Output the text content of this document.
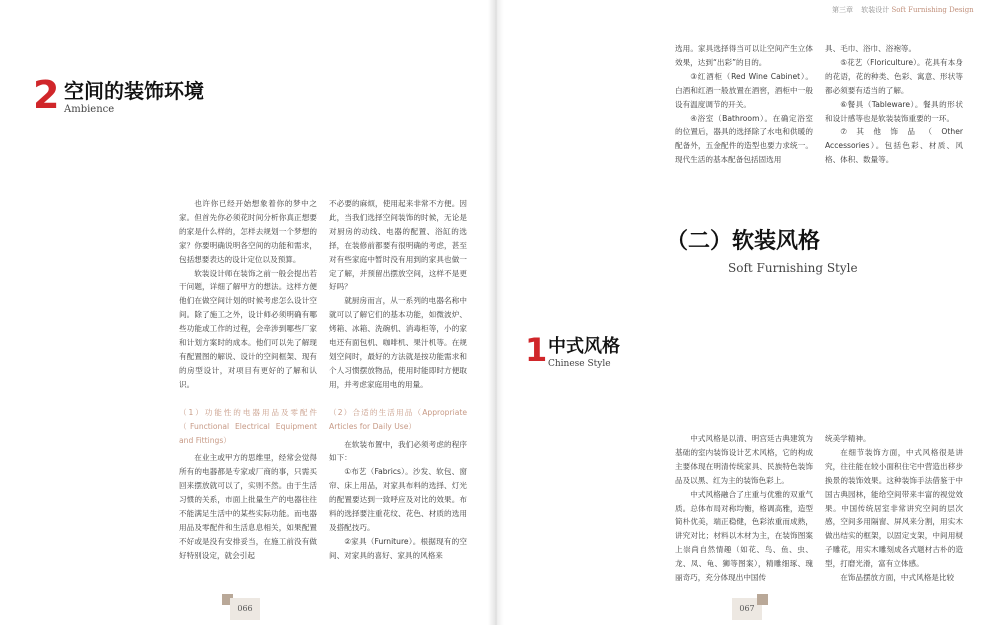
2 空间的装饰环境
Ambience

也许你已经开始想象着你的梦中之家。但首先你必须花时间分析你真正想要的家是什么样的，怎样去规划一个梦想的家？你要明确说明各空间的功能和需求，包括想要表达的设计定位以及预算。

软装设计师在装饰之前一般会提出若干问题，详细了解甲方的想法。这样方便他们在做空间计划的时候考虑怎么设计空间。除了施工之外，设计师必须明确有哪些功能或工作的过程，会牵涉到哪些厂家和计划方案时的成本。他们可以先了解现有配置图的解说、设计的空间框架、现有的房型设计，对项目有更好的了解和认识。

（1）功能性的电器用品及零配件（Functional Electrical Equipment and Fittings）

在业主或甲方的思维里，经常会觉得所有的电器都是专家或厂商的事，只需买回来摆放就可以了，实则不然。由于生活习惯的关系，市面上批量生产的电器往往不能满足生活中的某些实际功能。而电器用品及零配件和生活息息相关，如果配置不好或是没有安排妥当，在施工前没有做好特别设定，就会引起

不必要的麻烦，使用起来非常不方便。因此，当我们选择空间装饰的时候，无论是对厨房的动线、电器的配置、浴缸的选择，在装修前都要有很明确的考虑，甚至对有些家庭中暂时没有用到的家具也做一定了解，并预留出摆放空间，这样不是更好吗？

就厨房而言，从一系列的电器名称中就可以了解它们的基本功能，如微波炉、烤箱、冰箱、洗碗机、消毒柜等，小的家电还有面包机、咖啡机、果汁机等。在规划空间时，最好的方法就是按功能需求和个人习惯摆放物品，使用时能即时方便取用，并考虑家庭用电的用量。

（2）合适的生活用品（Appropriate Articles for Daily Use）

在软装布置中，我们必须考虑的程序如下：

①布艺（Fabrics）。沙发、软包、窗帘、床上用品，对家具布料的选择、灯光的配置要达到一致呼应及对比的效果。布料的选择要注重花纹、花色、材质的选用及搭配技巧。

②家具（Furniture）。根据现有的空间、对家具的喜好、家具的风格来

066
第三章 软装设计 Soft Furnishing Design

选用。家具选择得当可以让空间产生立体效果，达到“出彩”的目的。

③红酒柜（Red Wine Cabinet）。白酒和红酒一般放置在酒窖，酒柜中一般设有温度调节的开关。

④浴室（Bathroom）。在确定浴室的位置后，器具的选择除了水电和供暖的配备外，五金配件的造型也要力求统一。现代生活的基本配备包括固选用

具、毛巾、浴巾、浴袍等。

⑤花艺（Floriculture）。花具有本身的花语，花的种类、色彩、寓意、形状等都必须要有适当的了解。

⑥餐具（Tableware）。餐具的形状和设计感等也是软装装饰重要的一环。

⑦其他饰品（Other Accessories）。包括色彩、材质、风格、体积、数量等。

（二）软装风格
Soft Furnishing Style
1 中式风格
Chinese Style

中式风格是以清、明宫廷古典建筑为基础的室内装饰设计艺术风格，它的构成主要体现在明清传统家具、民族特色装饰品及以黑、红为主的装饰色彩上。

中式风格融合了庄重与优雅的双重气质。总体布局对称均衡，格调高雅，造型简朴优美，端正稳健，色彩浓重而成熟，讲究对比；材料以木材为主，在装饰图案上崇尚自然情趣（如花、鸟、鱼、虫、龙、凤、龟、狮等图案），精雕细琢、瑰丽奇巧，充分体现出中国传

统美学精神。

在细节装饰方面，中式风格很是讲究，往往能在较小面积住宅中营造出移步换景的装饰效果。这种装饰手法借鉴于中国古典园林，能给空间带来丰富的视觉效果。中国传统居室非常讲究空间的层次感，空间多用隔窗、屏风来分割，用实木做出结实的框架，以固定支架，中间用棂子雕花，用实木雕刻成各式题材古朴的造型，打磨光滑，富有立体感。

在饰品摆放方面，中式风格是比较

067
